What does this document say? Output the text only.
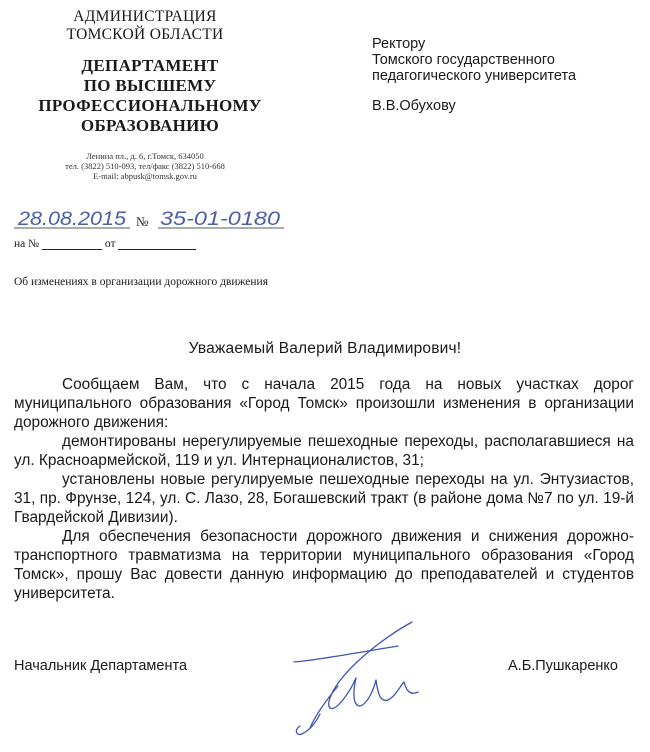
АДМИНИСТРАЦИЯ
ТОМСКОЙ ОБЛАСТИ
ДЕПАРТАМЕНТ
ПО ВЫСШЕМУ
ПРОФЕССИОНАЛЬНОМУ
ОБРАЗОВАНИЮ
Ленина пл., д. 6, г.Томск, 634050
тел. (3822) 510-093, тел/факс (3822) 510-668
E-mail: abpusk@tomsk.gov.ru
Ректору
Томского государственного
педагогического университета
В.В.Обухову
28.08.2015 № 35-01-0180
на №	от
Об изменениях в организации дорожного движения
Уважаемый Валерий Владимирович!

Сообщаем Вам, что с начала 2015 года на новых участках дорог муниципального образования «Город Томск» произошли изменения в организации дорожного движения:

демонтированы нерегулируемые пешеходные переходы, располагавшиеся на ул. Красноармейской, 119 и ул. Интернационалистов, 31;

установлены новые регулируемые пешеходные переходы на ул. Энтузиастов, 31, пр. Фрунзе, 124, ул. С. Лазо, 28, Богашевский тракт (в районе дома №7 по ул. 19-й Гвардейской Дивизии).

Для обеспечения безопасности дорожного движения и снижения дорожно-транспортного травматизма на территории муниципального образования «Город Томск», прошу Вас довести данную информацию до преподавателей и студентов университета.

Начальник Департамента	А.Б.Пушкаренко
